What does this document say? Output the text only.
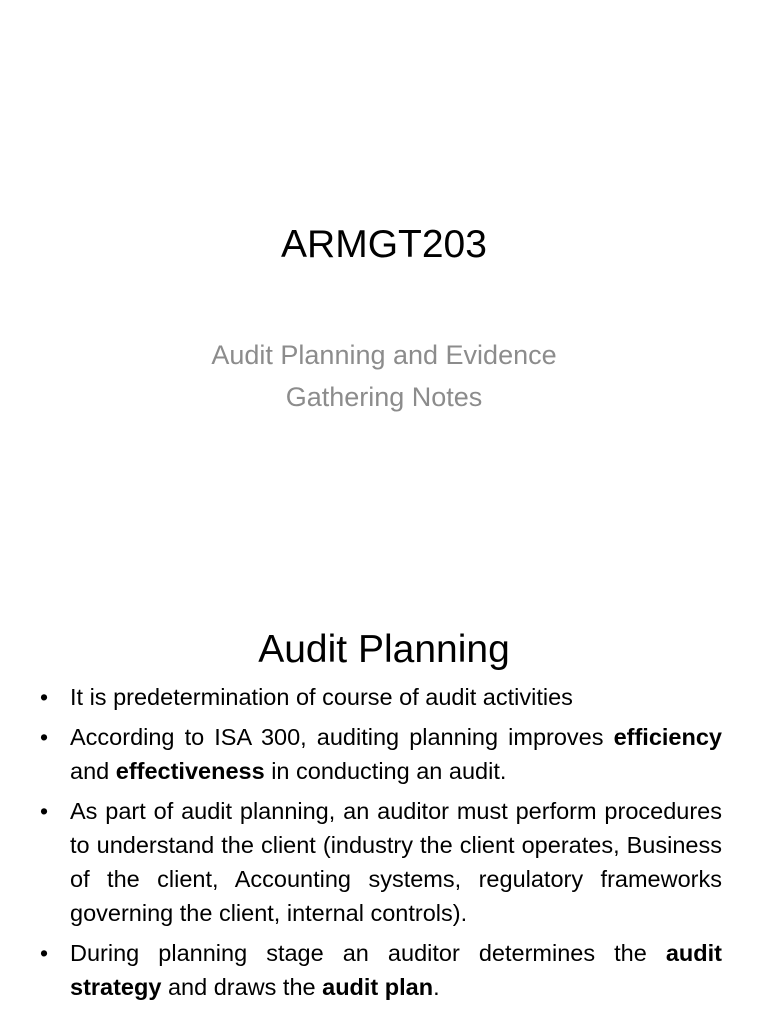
ARMGT203
Audit Planning and Evidence
Gathering Notes
Audit Planning
• It is predetermination of course of audit activities
• According to ISA 300, auditing planning improves efficiency and effectiveness in conducting an audit.
• As part of audit planning, an auditor must perform procedures to understand the client (industry the client operates, Business of the client, Accounting systems, regulatory frameworks governing the client, internal controls).
• During planning stage an auditor determines the audit strategy and draws the audit plan.
